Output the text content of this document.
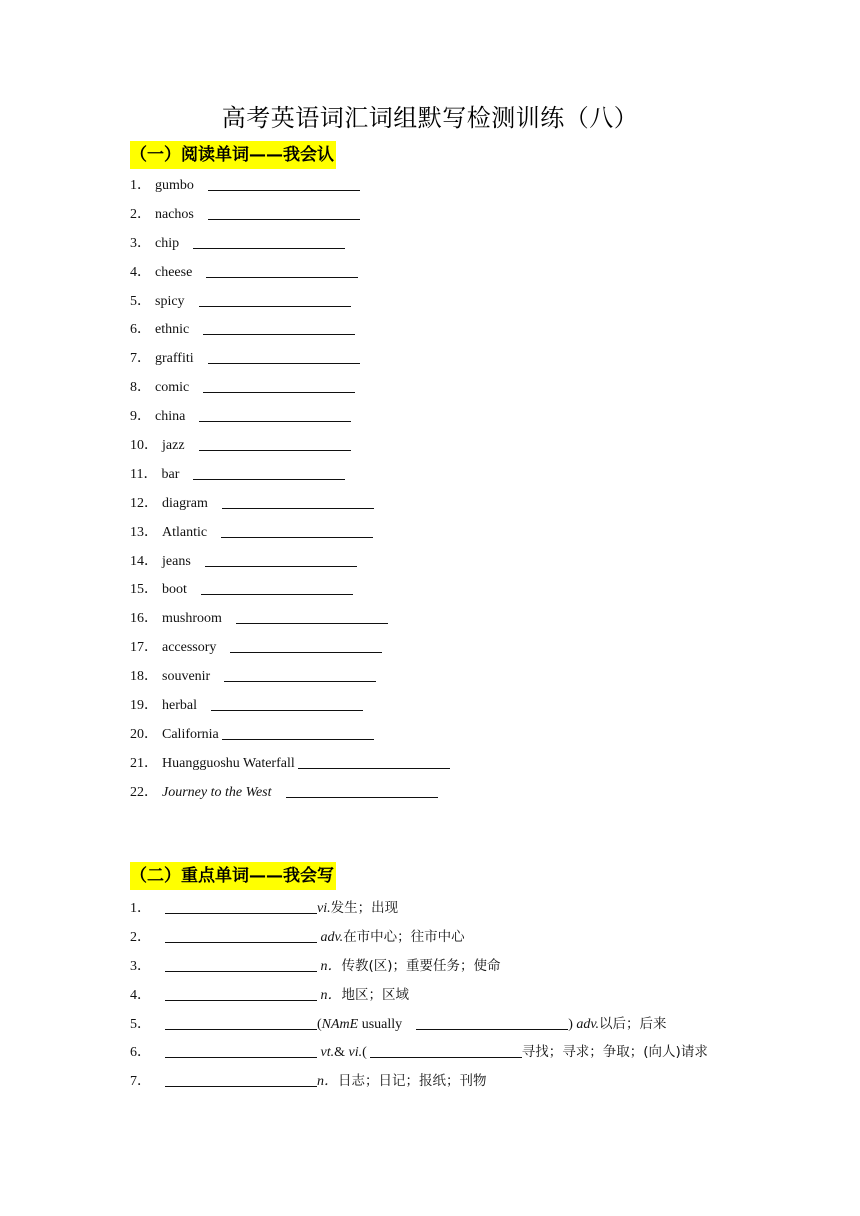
高考英语词汇词组默写检测训练（八）
（一）阅读单词——我会认
1． gumbo
2． nachos
3． chip
4． cheese
5． spicy
6． ethnic
7． graffiti
8． comic
9． china
10． jazz
11． bar
12． diagram
13． Atlantic
14． jeans
15． boot
16． mushroom
17． accessory
18． souvenir
19． herbal
20． California
21． Huangguoshu Waterfall
22． Journey to the West
（二）重点单词——我会写
1．	vi.发生；出现
2．	adv.在市中心；往市中心
3．	n．传教(区)；重要任务；使命
4．	n．地区；区域
5．	(NAmE usually	) adv.以后；后来
6．	vt.& vi.(	寻找；寻求；争取；(向人)请求
7．	n．日志；日记；报纸；刊物
